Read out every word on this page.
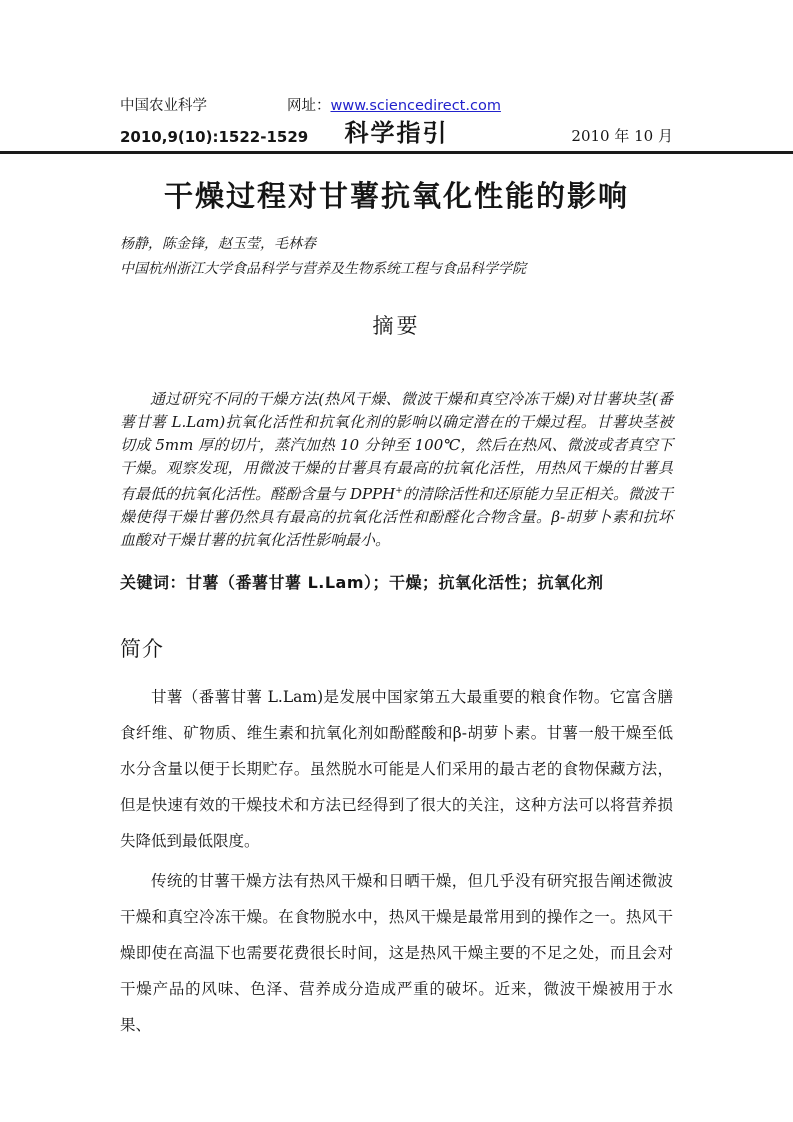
中国农业科学	网址： www.sciencedirect.com
2010,9(10):1522-1529	科学指引	2010 年 10 月
干燥过程对甘薯抗氧化性能的影响

杨静，陈金锋，赵玉莹，毛林春

中国杭州浙江大学食品科学与营养及生物系统工程与食品科学学院

摘要

通过研究不同的干燥方法(热风干燥、微波干燥和真空冷冻干燥)对甘薯块茎(番薯甘薯 L.Lam)抗氧化活性和抗氧化剂的影响以确定潜在的干燥过程。甘薯块茎被切成 5mm 厚的切片，蒸汽加热 10 分钟至 100℃，然后在热风、微波或者真空下干燥。观察发现，用微波干燥的甘薯具有最高的抗氧化活性，用热风干燥的甘薯具有最低的抗氧化活性。醛酚含量与 DPPH+的清除活性和还原能力呈正相关。微波干燥使得干燥甘薯仍然具有最高的抗氧化活性和酚醛化合物含量。β-胡萝卜素和抗坏血酸对干燥甘薯的抗氧化活性影响最小。

关键词：甘薯（番薯甘薯 L.Lam）；干燥；抗氧化活性；抗氧化剂

简介

甘薯（番薯甘薯 L.Lam)是发展中国家第五大最重要的粮食作物。它富含膳食纤维、矿物质、维生素和抗氧化剂如酚醛酸和β-胡萝卜素。甘薯一般干燥至低水分含量以便于长期贮存。虽然脱水可能是人们采用的最古老的食物保藏方法，但是快速有效的干燥技术和方法已经得到了很大的关注，这种方法可以将营养损失降低到最低限度。

传统的甘薯干燥方法有热风干燥和日晒干燥，但几乎没有研究报告阐述微波干燥和真空冷冻干燥。在食物脱水中，热风干燥是最常用到的操作之一。热风干燥即使在高温下也需要花费很长时间，这是热风干燥主要的不足之处，而且会对干燥产品的风味、色泽、营养成分造成严重的破坏。近来，微波干燥被用于水果、
